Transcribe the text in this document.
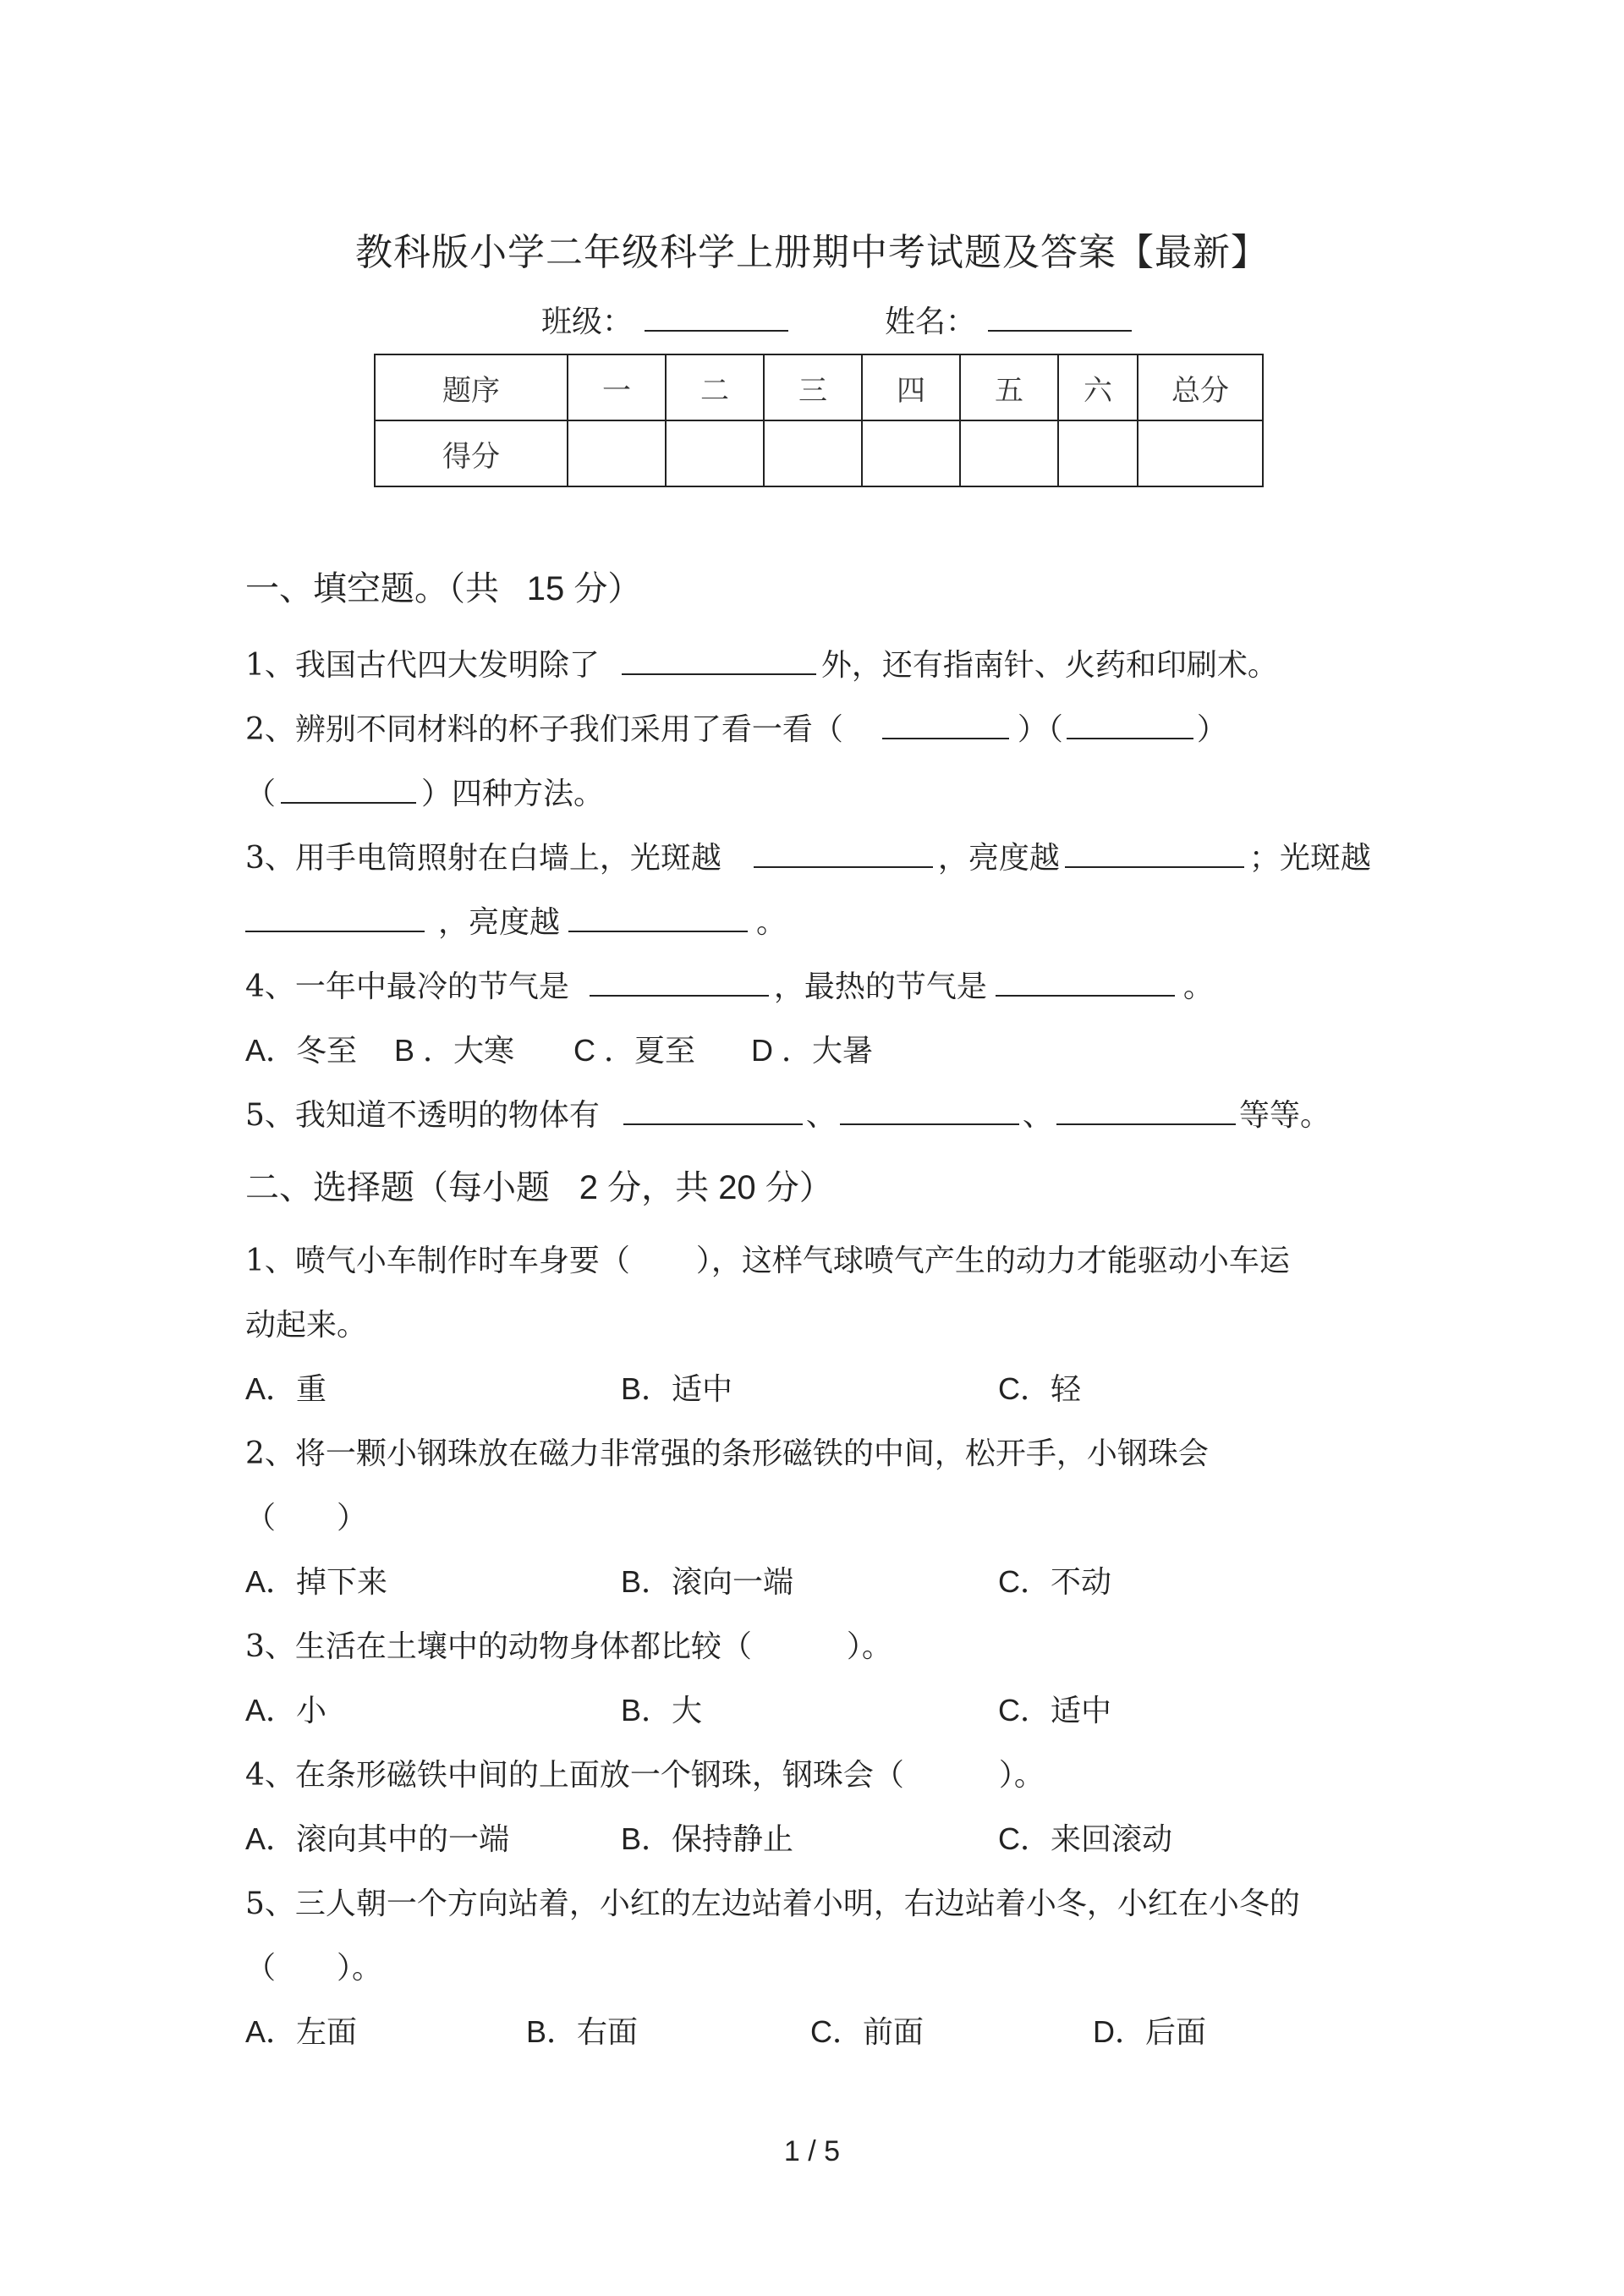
教科版小学二年级科学上册期中考试题及答案【最新】
班级：	姓名：
题序	一	二	三	四	五	六	总分
得分							
一、填空题。（共 15 分）
1、我国古代四大发明除了	外，还有指南针、火药和印刷术。
2、辨别不同材料的杯子我们采用了看一看（	）（	）
（	）四种方法。
3、用手电筒照射在白墙上，光斑越	，亮度越	；光斑越
，亮度越	。
4、一年中最冷的节气是	，最热的节气是	。
A．冬至 B ．大寒 C ．夏至 D ．大暑
5、我知道不透明的物体有	、	、	等等。
二、选择题（每小题 2 分，共 20 分）
1、喷气小车制作时车身要（ ），这样气球喷气产生的动力才能驱动小车运
动起来。
A．重	B．适中	C．轻
2、将一颗小钢珠放在磁力非常强的条形磁铁的中间，松开手，小钢珠会
（　　）
A．掉下来	B．滚向一端	C．不动
3、生活在土壤中的动物身体都比较（	）。
A．小	B．大	C．适中
4、在条形磁铁中间的上面放一个钢珠，钢珠会（	）。
A．滚向其中的一端	B．保持静止	C．来回滚动
5、三人朝一个方向站着，小红的左边站着小明，右边站着小冬，小红在小冬的
（　　）。
A．左面	B．右面	C．前面	D．后面
1 / 5
